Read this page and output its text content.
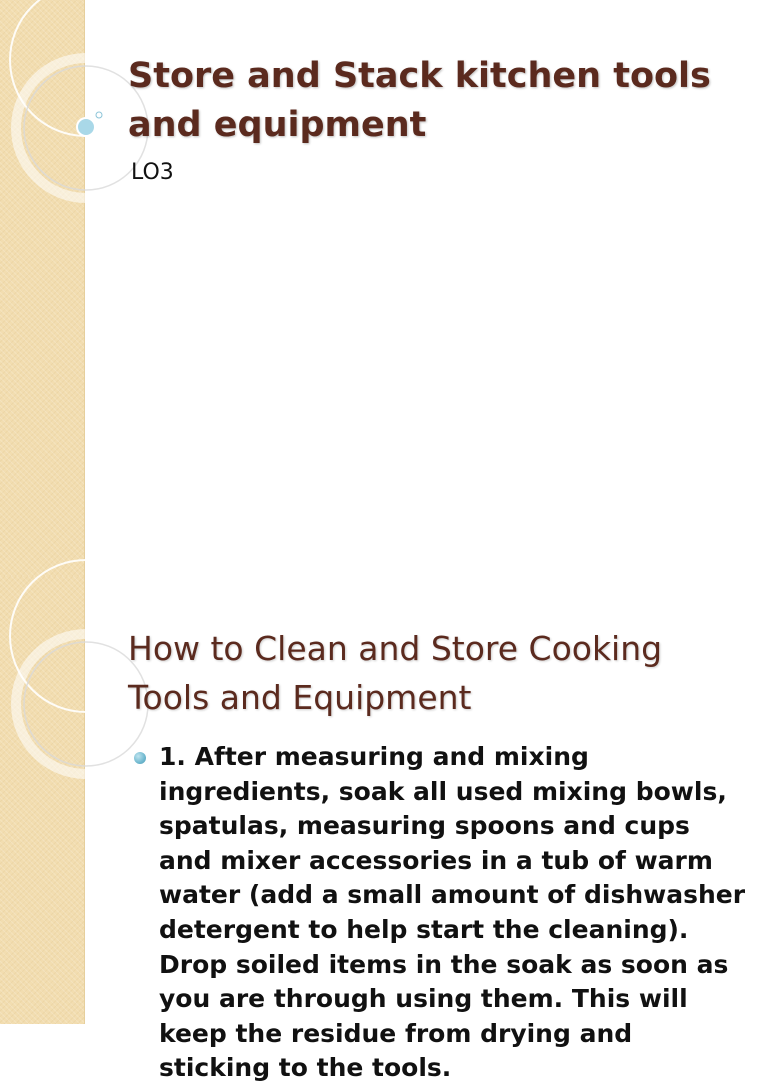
Store and Stack kitchen tools and equipment

LO3

How to Clean and Store Cooking Tools and Equipment
1. After measuring and mixing ingredients, soak all used mixing bowls, spatulas, measuring spoons and cups and mixer accessories in a tub of warm water (add a small amount of dishwasher detergent to help start the cleaning). Drop soiled items in the soak as soon as you are through using them. This will keep the residue from drying and sticking to the tools.
